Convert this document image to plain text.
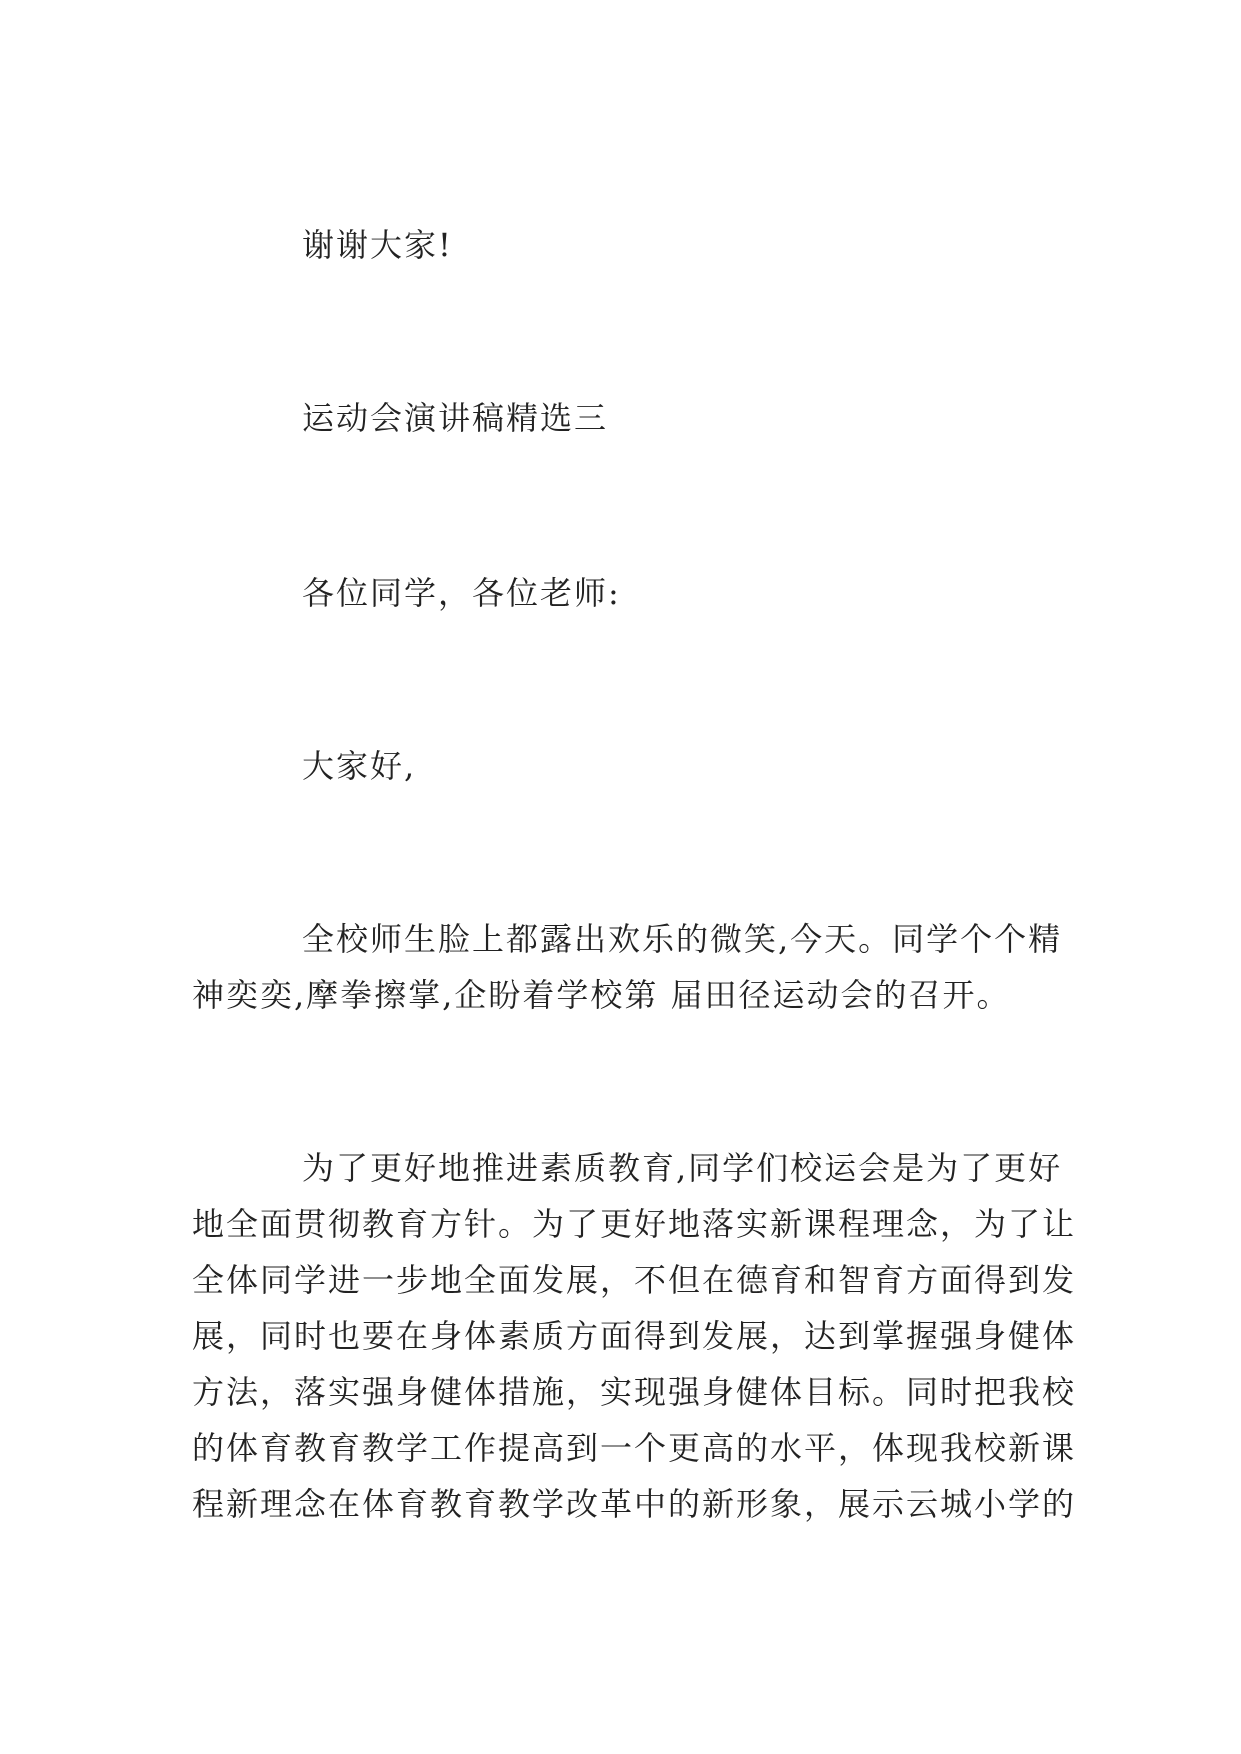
谢谢大家!
运动会演讲稿精选三
各位同学，各位老师:
大家好,
全校师生脸上都露出欢乐的微笑,今天。同学个个精
神奕奕,摩拳擦掌,企盼着学校第 届田径运动会的召开。
为了更好地推进素质教育,同学们校运会是为了更好
地全面贯彻教育方针。为了更好地落实新课程理念，为了让
全体同学进一步地全面发展，不但在德育和智育方面得到发
展，同时也要在身体素质方面得到发展，达到掌握强身健体
方法，落实强身健体措施，实现强身健体目标。同时把我校
的体育教育教学工作提高到一个更高的水平，体现我校新课
程新理念在体育教育教学改革中的新形象，展示云城小学的
